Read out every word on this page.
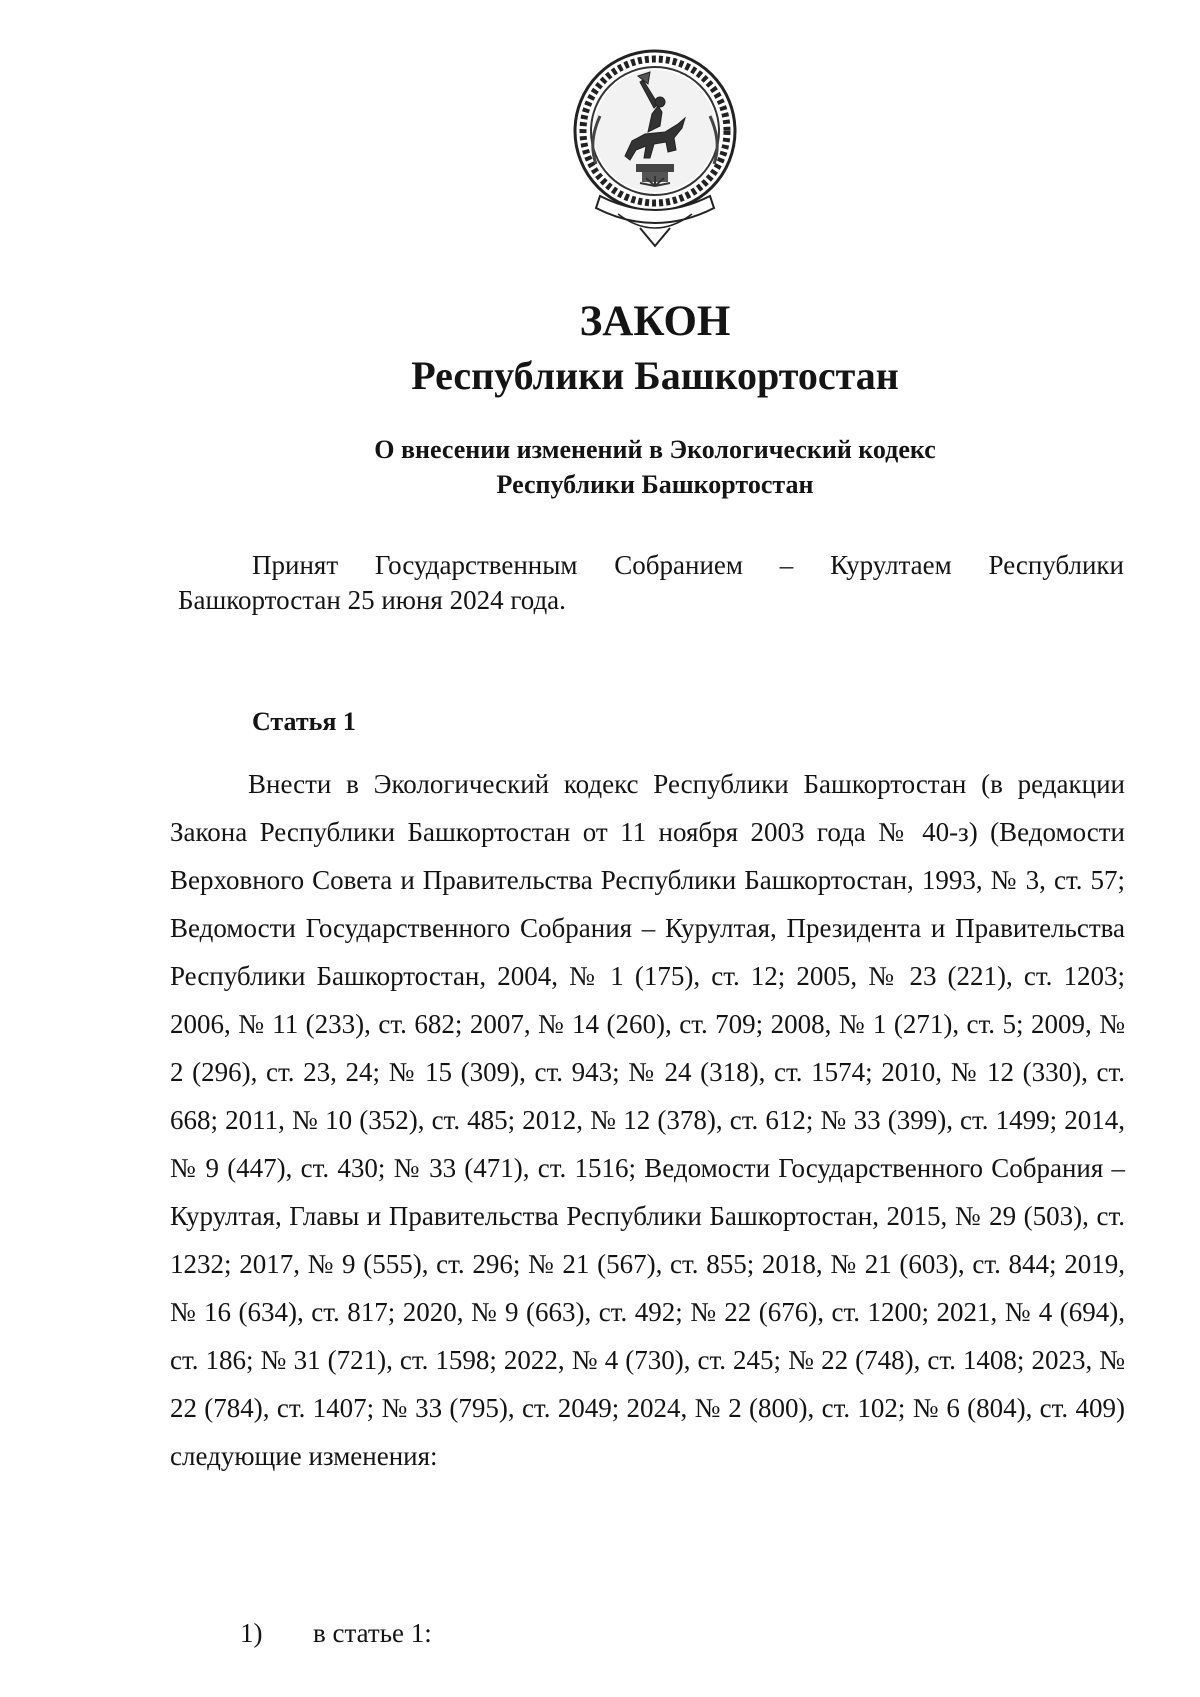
ЗАКОН
Республики Башкортостан
О внесении изменений в Экологический кодекс
Республики Башкортостан
Принят Государственным Собранием – Курултаем Республики Башкортостан 25 июня 2024 года.
Статья 1

Внести в Экологический кодекс Республики Башкортостан (в редакции Закона Республики Башкортостан от 11 ноября 2003 года № 40-з) (Ведомости Верховного Совета и Правительства Республики Башкортостан, 1993, № 3, ст. 57; Ведомости Государственного Собрания – Курултая, Президента и Правительства Республики Башкортостан, 2004, № 1 (175), ст. 12; 2005, № 23 (221), ст. 1203; 2006, № 11 (233), ст. 682; 2007, № 14 (260), ст. 709; 2008, № 1 (271), ст. 5; 2009, № 2 (296), ст. 23, 24; № 15 (309), ст. 943; № 24 (318), ст. 1574; 2010, № 12 (330), ст. 668; 2011, № 10 (352), ст. 485; 2012, № 12 (378), ст. 612; № 33 (399), ст. 1499; 2014, № 9 (447), ст. 430; № 33 (471), ст. 1516; Ведомости Государственного Собрания – Курултая, Главы и Правительства Республики Башкортостан, 2015, № 29 (503), ст. 1232; 2017, № 9 (555), ст. 296; № 21 (567), ст. 855; 2018, № 21 (603), ст. 844; 2019, № 16 (634), ст. 817; 2020, № 9 (663), ст. 492; № 22 (676), ст. 1200; 2021, № 4 (694), ст. 186; № 31 (721), ст. 1598; 2022, № 4 (730), ст. 245; № 22 (748), ст. 1408; 2023, № 22 (784), ст. 1407; № 33 (795), ст. 2049; 2024, № 2 (800), ст. 102; № 6 (804), ст. 409) следующие изменения:

1) в статье 1:
